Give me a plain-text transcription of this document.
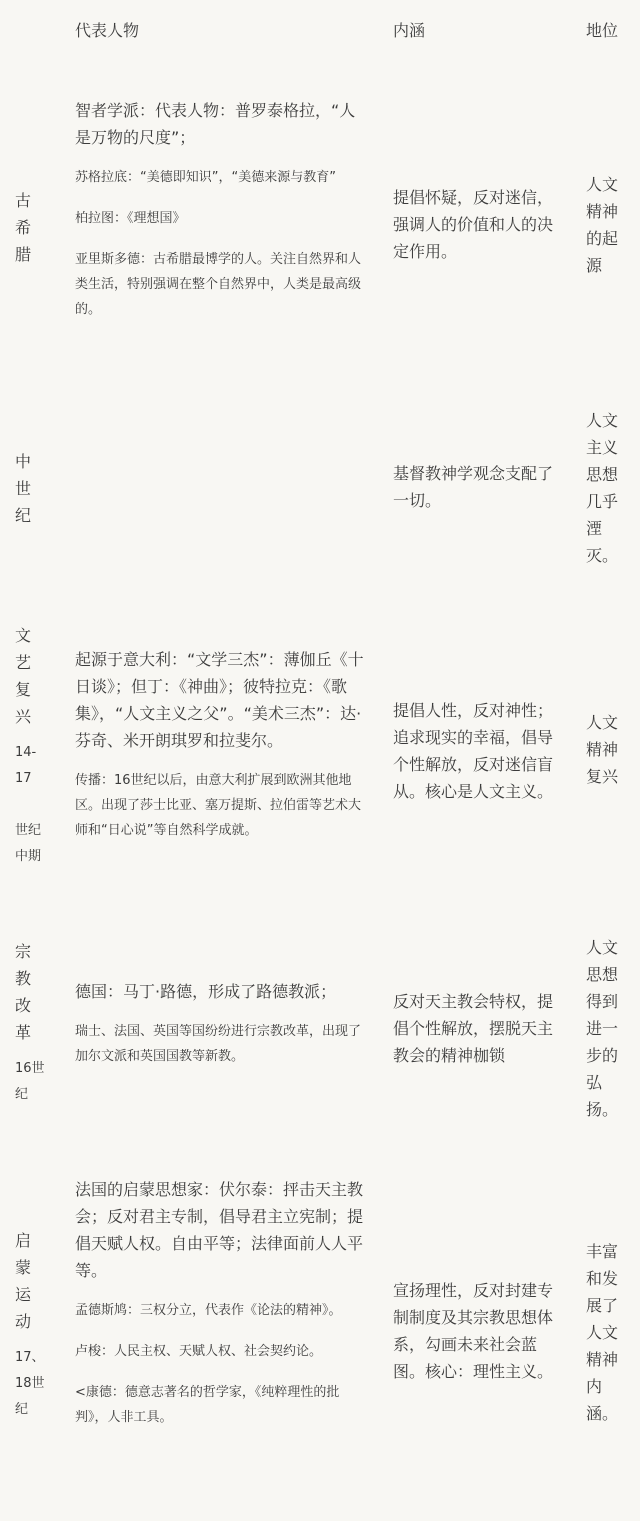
代表人物	内涵	地位
古
希
腊
智者学派：代表人物：普罗泰格拉，“人是万物的尺度”；
苏格拉底：“美德即知识”，“美德来源与教育”
柏拉图：《理想国》
亚里斯多德：古希腊最博学的人。关注自然界和人类生活，特别强调在整个自然界中，人类是最高级的。
提倡怀疑，反对迷信，强调人的价值和人的决定作用。
人文
精神
的起
源
中
世
纪
基督教神学观念支配了一切。
人文
主义
思想
几乎
湮
灭。
文
艺
复
兴
14-
17
世纪
中期
起源于意大利：“文学三杰”：薄伽丘《十日谈》；但丁：《神曲》；彼特拉克：《歌集》，“人文主义之父”。“美术三杰”：达·芬奇、米开朗琪罗和拉斐尔。
传播：16世纪以后，由意大利扩展到欧洲其他地区。出现了莎士比亚、塞万提斯、拉伯雷等艺术大师和“日心说”等自然科学成就。
提倡人性，反对神性；追求现实的幸福，倡导个性解放，反对迷信盲从。核心是人文主义。
人文
精神
复兴
宗
教
改
革
16世
纪
德国：马丁·路德，形成了路德教派；
瑞士、法国、英国等国纷纷进行宗教改革，出现了加尔文派和英国国教等新教。
反对天主教会特权，提倡个性解放，摆脱天主教会的精神枷锁
人文
思想
得到
进一
步的
弘
扬。
启
蒙
运
动
17、
18世
纪
法国的启蒙思想家：伏尔泰：抨击天主教会；反对君主专制，倡导君主立宪制；提倡天赋人权。自由平等；法律面前人人平等。
孟德斯鸠：三权分立，代表作《论法的精神》。
卢梭：人民主权、天赋人权、社会契约论。
<康德：德意志著名的哲学家，《纯粹理性的批判》，人非工具。
宣扬理性，反对封建专制制度及其宗教思想体系，勾画未来社会蓝图。核心：理性主义。
丰富
和发
展了
人文
精神
内
涵。
